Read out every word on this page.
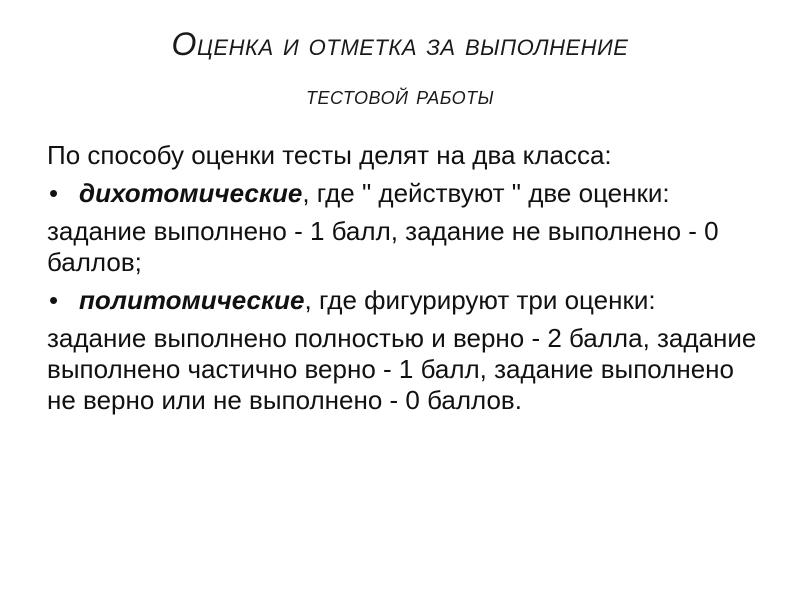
Оценка и отметка за выполнение
тестовой работы

По способу оценки тесты делят на два класса:

• дихотомические, где " действуют " две оценки:

задание выполнено - 1 балл, задание не выполнено - 0 баллов;

• политомические, где фигурируют три оценки:

задание выполнено полностью и верно - 2 балла, задание выполнено частично верно - 1 балл, задание выполнено не верно или не выполнено - 0 баллов.
